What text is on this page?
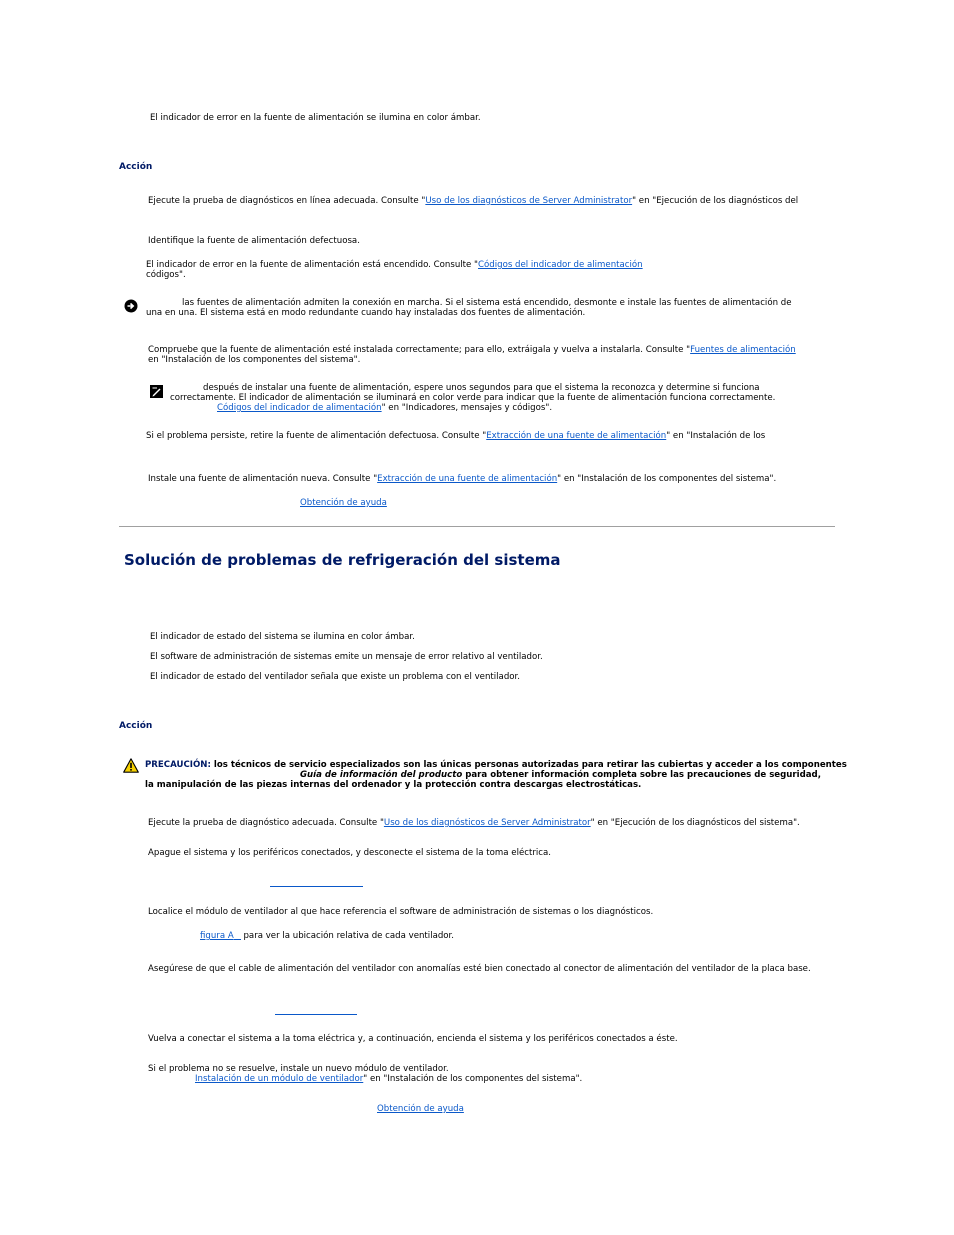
El indicador de error en la fuente de alimentación se ilumina en color ámbar.
Acción
Ejecute la prueba de diagnósticos en línea adecuada. Consulte "Uso de los diagnósticos de Server Administrator" en "Ejecución de los diagnósticos del
Identifique la fuente de alimentación defectuosa.
El indicador de error en la fuente de alimentación está encendido. Consulte "Códigos del indicador de alimentación
códigos".
las fuentes de alimentación admiten la conexión en marcha. Si el sistema está encendido, desmonte e instale las fuentes de alimentación de
una en una. El sistema está en modo redundante cuando hay instaladas dos fuentes de alimentación.
Compruebe que la fuente de alimentación esté instalada correctamente; para ello, extráigala y vuelva a instalarla. Consulte "Fuentes de alimentación
en "Instalación de los componentes del sistema".
después de instalar una fuente de alimentación, espere unos segundos para que el sistema la reconozca y determine si funciona
correctamente. El indicador de alimentación se iluminará en color verde para indicar que la fuente de alimentación funciona correctamente.
Códigos del indicador de alimentación" en "Indicadores, mensajes y códigos".
Si el problema persiste, retire la fuente de alimentación defectuosa. Consulte "Extracción de una fuente de alimentación" en "Instalación de los
Instale una fuente de alimentación nueva. Consulte "Extracción de una fuente de alimentación" en "Instalación de los componentes del sistema".
Obtención de ayuda
Solución de problemas de refrigeración del sistema
El indicador de estado del sistema se ilumina en color ámbar.
El software de administración de sistemas emite un mensaje de error relativo al ventilador.
El indicador de estado del ventilador señala que existe un problema con el ventilador.
Acción
PRECAUCIÓN: los técnicos de servicio especializados son las únicas personas autorizadas para retirar las cubiertas y acceder a los componentes
Guía de información del producto para obtener información completa sobre las precauciones de seguridad,
la manipulación de las piezas internas del ordenador y la protección contra descargas electrostáticas.
Ejecute la prueba de diagnóstico adecuada. Consulte "Uso de los diagnósticos de Server Administrator" en "Ejecución de los diagnósticos del sistema".
Apague el sistema y los periféricos conectados, y desconecte el sistema de la toma eléctrica.
Localice el módulo de ventilador al que hace referencia el software de administración de sistemas o los diagnósticos.
figura A para ver la ubicación relativa de cada ventilador.
Asegúrese de que el cable de alimentación del ventilador con anomalías esté bien conectado al conector de alimentación del ventilador de la placa base.
Vuelva a conectar el sistema a la toma eléctrica y, a continuación, encienda el sistema y los periféricos conectados a éste.
Si el problema no se resuelve, instale un nuevo módulo de ventilador.
Instalación de un módulo de ventilador" en "Instalación de los componentes del sistema".
Obtención de ayuda
